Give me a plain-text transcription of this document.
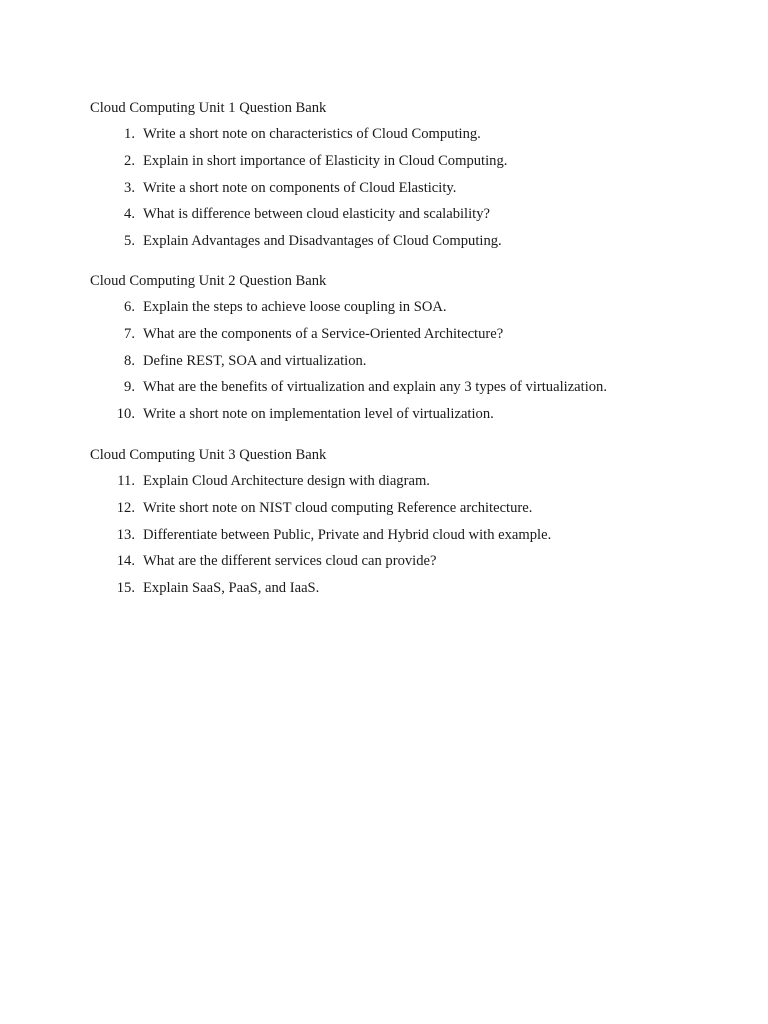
Cloud Computing Unit 1 Question Bank
1. Write a short note on characteristics of Cloud Computing.
2. Explain in short importance of Elasticity in Cloud Computing.
3. Write a short note on components of Cloud Elasticity.
4. What is difference between cloud elasticity and scalability?
5. Explain Advantages and Disadvantages of Cloud Computing.
Cloud Computing Unit 2 Question Bank
6. Explain the steps to achieve loose coupling in SOA.
7. What are the components of a Service-Oriented Architecture?
8. Define REST, SOA and virtualization.
9. What are the benefits of virtualization and explain any 3 types of virtualization.
10. Write a short note on implementation level of virtualization.
Cloud Computing Unit 3 Question Bank
11. Explain Cloud Architecture design with diagram.
12. Write short note on NIST cloud computing Reference architecture.
13. Differentiate between Public, Private and Hybrid cloud with example.
14. What are the different services cloud can provide?
15. Explain SaaS, PaaS, and IaaS.
